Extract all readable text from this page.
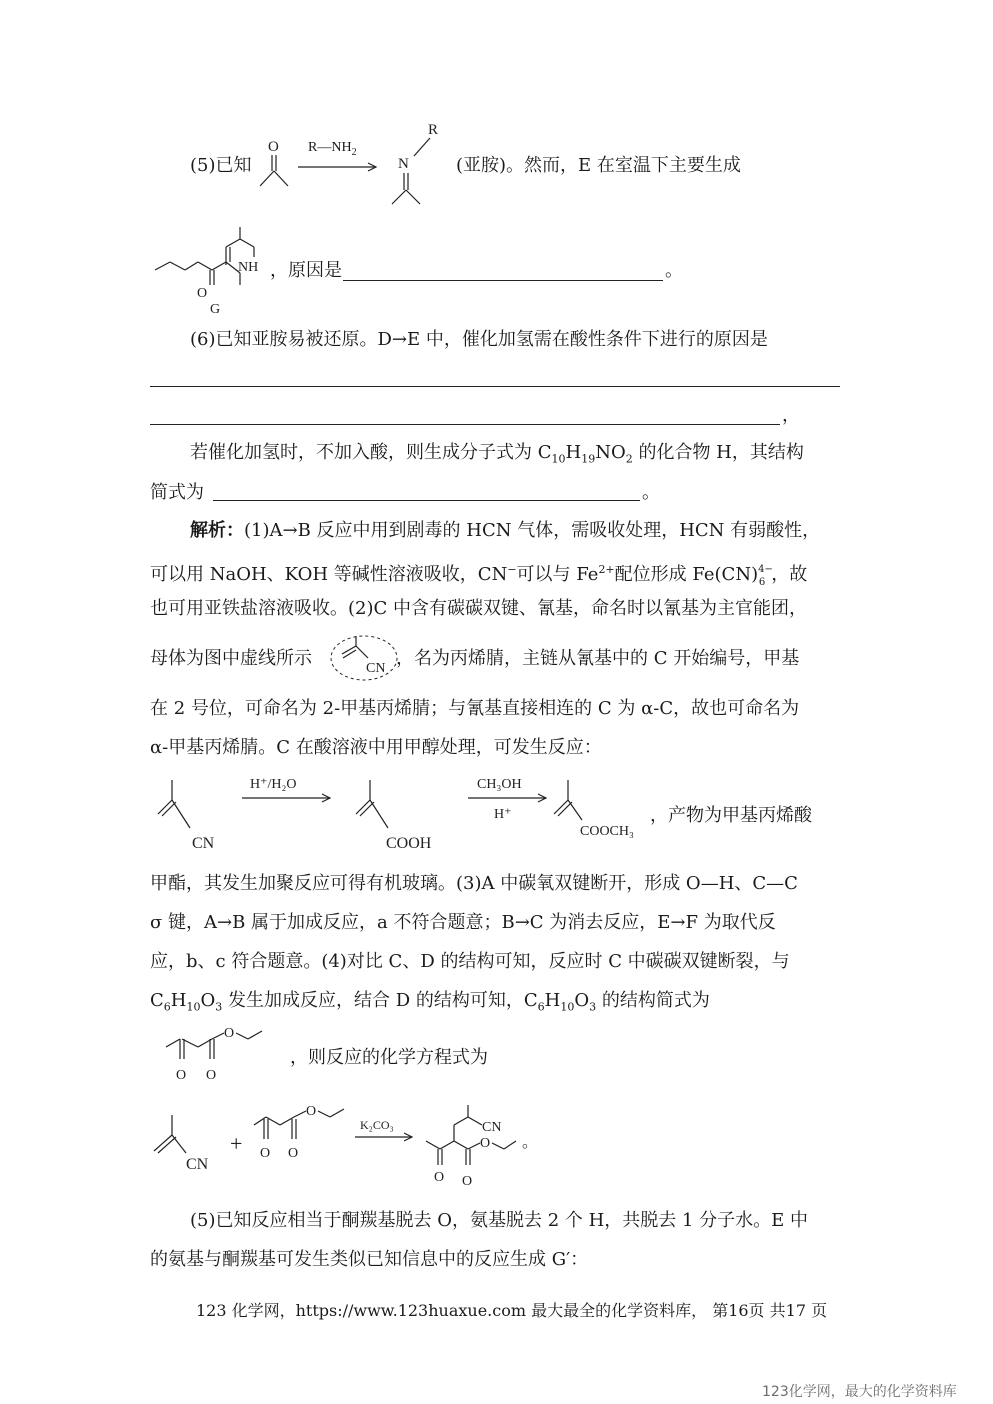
(5)已知
O $R—NH_2$
R
N	(亚胺)。然而，E 在室温下主要生成
O
NH
G
，原因是	。
(6)已知亚胺易被还原。D→E 中，催化加氢需在酸性条件下进行的原因是
，
若催化加氢时，不加入酸，则生成分子式为 $C_{10}H_{19}NO_2$ 的化合物 H，其结构
简式为	。
解析：(1)A→B 反应中用到剧毒的 HCN 气体，需吸收处理，HCN 有弱酸性，
可以用 NaOH、KOH 等碱性溶液吸收，CN−可以与 $Fe^{2+}$配位形成 Fe(CN)$^{4-}_6$ ，故
也可用亚铁盐溶液吸收。(2)C 中含有碳碳双键、氰基，命名时以氰基为主官能团，
母体为图中虚线所示	CN ，名为丙烯腈，主链从氰基中的 C 开始编号，甲基
在 2 号位，可命名为 2-甲基丙烯腈；与氰基直接相连的 C 为 α-C，故也可命名为
α-甲基丙烯腈。C 在酸溶液中用甲醇处理，可发生反应：
CN
H⁺/H₂O
COOH
CH₃OH
H⁺
COOCH₃
，产物为甲基丙烯酸
甲酯，其发生加聚反应可得有机玻璃。(3)A 中碳氧双键断开，形成 O—H、C—C
σ 键，A→B 属于加成反应，a 不符合题意；B→C 为消去反应，E→F 为取代反
应，b、c 符合题意。(4)对比 C、D 的结构可知，反应时 C 中碳碳双键断裂，与
$C_6H_{10}O_3$ 发生加成反应，结合 D 的结构可知，$C_6H_{10}O_3$ 的结构简式为
O O
O
，则反应的化学方程式为
CN
+ O O
O
K₂CO₃	CN
O O
O 。
(5)已知反应相当于酮羰基脱去 O，氨基脱去 2 个 H，共脱去 1 分子水。E 中
的氨基与酮羰基可发生类似已知信息中的反应生成 G′：
123 化学网，https://www.123huaxue.com 最大最全的化学资料库， 第16页 共17 页
123化学网，最大的化学资料库
